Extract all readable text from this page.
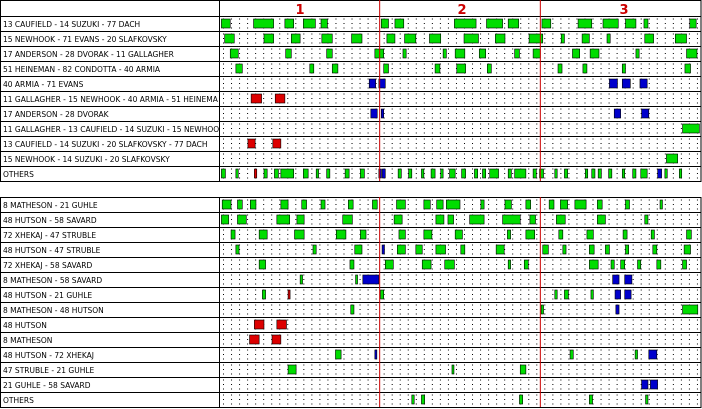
13 CAUFIELD - 14 SUZUKI - 77 DACH
15 NEWHOOK - 71 EVANS - 20 SLAFKOVSKY
17 ANDERSON - 28 DVORAK - 11 GALLAGHER
51 HEINEMAN - 82 CONDOTTA - 40 ARMIA
40 ARMIA - 71 EVANS
11 GALLAGHER - 15 NEWHOOK - 40 ARMIA - 51 HEINEMA
17 ANDERSON - 28 DVORAK
11 GALLAGHER - 13 CAUFIELD - 14 SUZUKI - 15 NEWHOO
13 CAUFIELD - 14 SUZUKI - 20 SLAFKOVSKY - 77 DACH
15 NEWHOOK - 14 SUZUKI - 20 SLAFKOVSKY
OTHERS
8 MATHESON - 21 GUHLE
48 HUTSON - 58 SAVARD
72 XHEKAJ - 47 STRUBLE
48 HUTSON - 47 STRUBLE
72 XHEKAJ - 58 SAVARD
8 MATHESON - 58 SAVARD
48 HUTSON - 21 GUHLE
8 MATHESON - 48 HUTSON
48 HUTSON
8 MATHESON
48 HUTSON - 72 XHEKAJ
47 STRUBLE - 21 GUHLE
21 GUHLE - 58 SAVARD
OTHERS
1	2	3
